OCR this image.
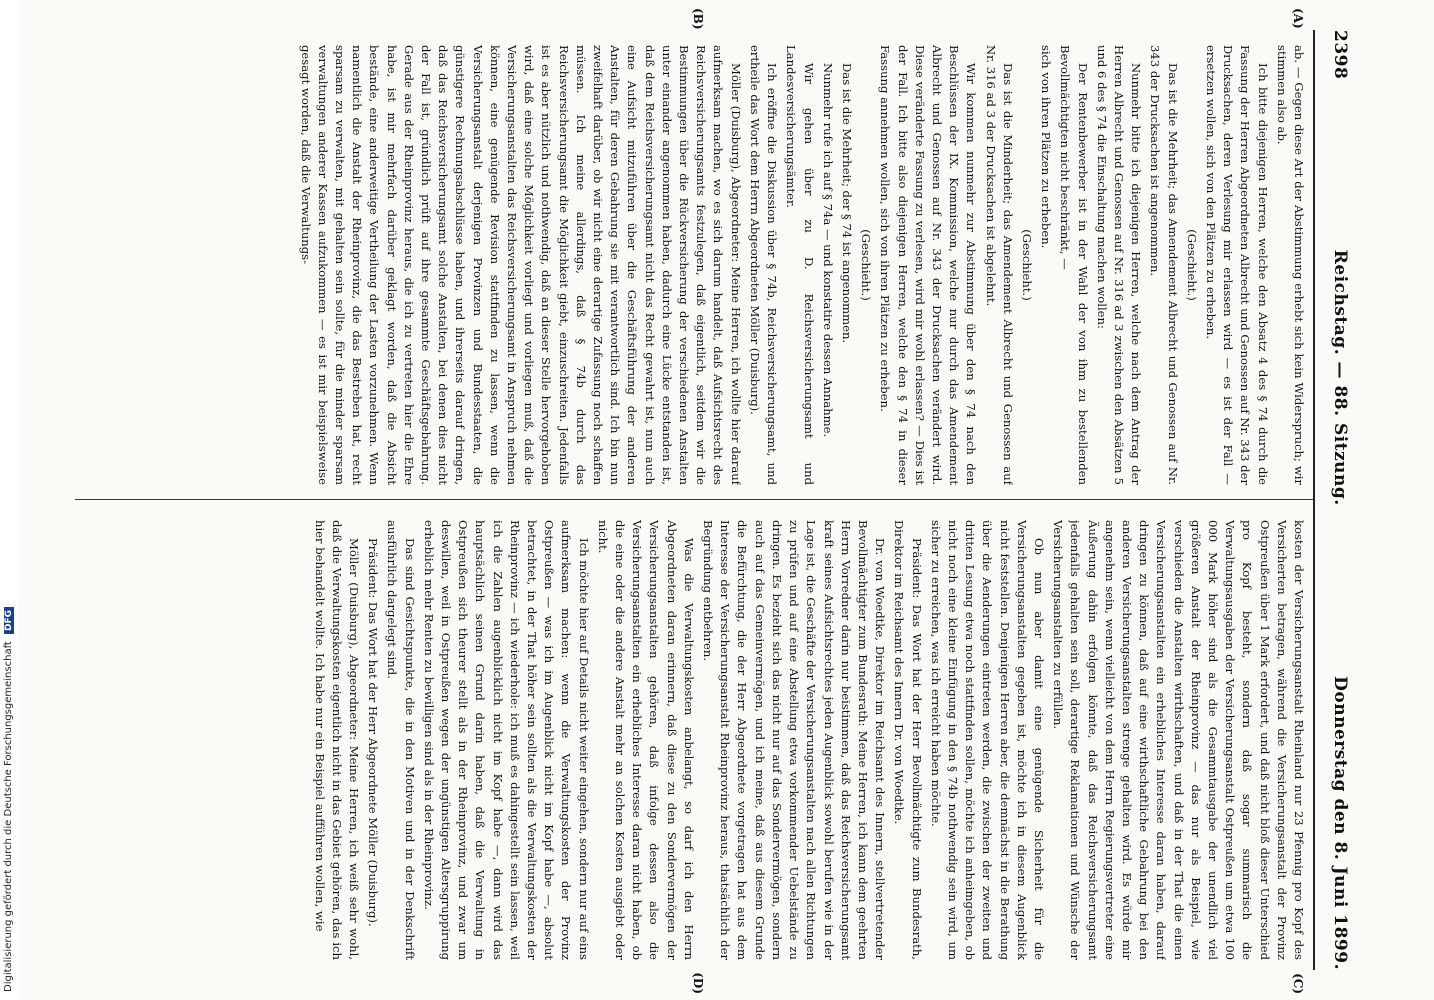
2398
Reichstag. — 88. Sitzung.
Donnerstag den 8. Juni 1899.
(A)
(B)
(C)
(D)

ab. — Gegen diese Art der Abstimmung erhebt sich kein Widerspruch; wir stimmen also ab.

Ich bitte diejenigen Herren, welche den Absatz 4 des § 74 durch die Fassung der Herren Abgeordneten Albrecht und Genossen auf Nr. 343 der Drucksachen, deren Verlesung mir erlassen wird — es ist der Fall — ersetzen wollen, sich von den Plätzen zu erheben.

(Geschieht.)

Das ist die Mehrheit; das Amendement Albrecht und Genossen auf Nr. 343 der Drucksachen ist angenommen.

Nunmehr bitte ich diejenigen Herren, welche nach dem Antrag der Herren Albrecht und Genossen auf Nr. 316 ad 3 zwischen den Absätzen 5 und 6 des § 74 die Einschaltung machen wollen:

Der Rentenbewerber ist in der Wahl der von ihm zu bestellenden Bevollmächtigten nicht beschränkt, —

sich von ihren Plätzen zu erheben.

(Geschieht.)

Das ist die Minderheit; das Amendement Albrecht und Genossen auf Nr. 316 ad 3 der Drucksachen ist abgelehnt.

Wir kommen nunmehr zur Abstimmung über den § 74 nach den Beschlüssen der IX. Kommission, welche nur durch das Amendement Albrecht und Genossen auf Nr. 343 der Drucksachen verändert wird. Diese veränderte Fassung zu verlesen, wird mir wohl erlassen? — Dies ist der Fall. Ich bitte also diejenigen Herren, welche den § 74 in dieser Fassung annehmen wollen, sich von ihren Plätzen zu erheben.

(Geschieht.)

Das ist die Mehrheit; der § 74 ist angenommen.

Nunmehr rufe ich auf § 74a — und konstatire dessen Annahme.

Wir gehen über zu D. Reichsversicherungsamt und Landesversicherungsämter.

Ich eröffne die Diskussion über § 74b, Reichsversicherungsamt, und ertheile das Wort dem Herrn Abgeordneten Möller (Duisburg).

Möller (Duisburg), Abgeordneter: Meine Herren, ich wollte hier darauf aufmerksam machen, wo es sich darum handelt, daß Aufsichtsrecht des Reichsversicherungsamts festzulegen, daß eigentlich, seitdem wir die Bestimmungen über die Rückversicherung der verschiedenen Anstalten unter einander angenommen haben, dadurch eine Lücke entstanden ist, daß dem Reichsversicherungsamt nicht das Recht gewahrt ist, nun auch eine Aufsicht mitzuführen über die Geschäftsführung der anderen Anstalten, für deren Gebahrung sie mit verantwortlich sind. Ich bin nun zweifelhaft darüber, ob wir nicht eine derartige Zufassung noch schaffen müssen. Ich meine allerdings, daß § 74b durch das Reichsversicherungsamt die Möglichkeit giebt, einzuschreiten. Jedenfalls ist es aber nützlich und nothwendig, daß an dieser Stelle hervorgehoben wird, daß eine solche Möglichkeit vorliegt und vorliegen muß, daß die Versicherungsanstalten das Reichsversicherungsamt in Anspruch nehmen können, eine genügende Revision stattfinden zu lassen, wenn die Versicherungsanstalt derjenigen Provinzen und Bundesstaaten, die günstigere Rechnungsabschlüsse haben, und ihrerseits darauf dringen, daß das Reichsversicherungsamt solche Anstalten, bei denen dies nicht der Fall ist, gründlich prüft auf ihre gesammte Geschäftsgebahrung. Gerade aus der Rheinprovinz heraus, die ich zu vertreten hier die Ehre habe, ist mir mehrfach darüber geklagt worden, daß die Absicht bestände, eine anderweitige Vertheilung der Lasten vorzunehmen. Wenn namentlich die Anstalt der Rheinprovinz, die das Bestreben hat, recht sparsam zu verwalten, mit gehalten sein sollte, für die minder sparsam verwaltungen anderer Kassen aufzukommen — es ist mir beispielsweise gesagt worden, daß die Verwaltungs-

kosten der Versicherungsanstalt Rheinland nur 23 Pfennig pro Kopf des Versicherten betragen, während die Versicherungsanstalt der Provinz Ostpreußen über 1 Mark erfordert, und daß nicht bloß dieser Unterschied pro Kopf besteht, sondern daß sogar summarisch die Verwaltungsausgaben der Versicherungsanstalt Ostpreußen um etwa 100 000 Mark höher sind als die Gesammtausgabe der unendlich viel größeren Anstalt der Rheinprovinz — das nur als Beispiel, wie verschieden die Anstalten wirthschaften, und daß in der That die einen Versicherungsanstalten ein erhebliches Interesse daran haben, darauf dringen zu können, daß auf eine wirthschaftliche Gebahrung bei den anderen Versicherungsanstalten strenge gehalten wird. Es würde mir angenehm sein, wenn vielleicht von dem Herrn Regierungsvertreter eine Äußerung dahin erfolgen könnte, daß das Reichsversicherungsamt jedenfalls gehalten sein soll, derartige Reklamationen und Wünsche der Versicherungsanstalten zu erfüllen.

Ob nun aber damit eine genügende Sicherheit für die Versicherungsanstalten gegeben ist, möchte ich in diesem Augenblick nicht feststellen. Denjenigen Herren aber, die demnächst in die Berathung über die Aenderungen eintreten werden, die zwischen der zweiten und dritten Lesung etwa noch stattfinden sollen, möchte ich anheimgeben, ob nicht noch eine kleine Einfügung in den § 74b nothwendig sein wird, um sicher zu erreichen, was ich erreicht haben möchte.

Präsident: Das Wort hat der Herr Bevollmächtigte zum Bundesrath, Direktor im Reichsamt des Innern Dr. von Woedtke.

Dr. von Woedtke, Direktor im Reichsamt des Innern, stellvertretender Bevollmächtigter zum Bundesrath: Meine Herren, ich kann dem geehrten Herrn Vorredner darin nur beistimmen, daß das Reichsversicherungsamt kraft seines Aufsichtsrechtes jeden Augenblick sowohl berufen wie in der Lage ist, die Geschäfte der Versicherungsanstalten nach allen Richtungen zu prüfen und auf eine Abstellung etwa vorkommender Uebelstände zu dringen. Es bezieht sich das nicht nur auf das Sondervermögen, sondern auch auf das Gemeinvermögen, und ich meine, daß aus diesem Grunde die Befürchtung, die der Herr Abgeordnete vorgetragen hat aus dem Interesse der Versicherungsanstalt Rheinprovinz heraus, thatsächlich der Begründung entbehren.

Was die Verwaltungskosten anbelangt, so darf ich den Herrn Abgeordneten daran erinnern, daß diese zu den Sondervermögen der Versicherungsanstalten gehören, daß infolge dessen also die Versicherungsanstalten ein erhebliches Interesse daran nicht haben, ob die eine oder die andere Anstalt mehr an solchen Kosten ausgiebt oder nicht.

Ich möchte hier auf Details nicht weiter eingehen, sondern nur auf eins aufmerksam machen: wenn die Verwaltungskosten der Provinz Ostpreußen — was ich im Augenblick nicht im Kopf habe —, absolut betrachtet, in der That höher sein sollten als die Verwaltungskosten der Rheinprovinz — ich wiederhole: ich muß es dahingestellt sein lassen, weil ich die Zahlen augenblicklich nicht im Kopf habe —, dann wird das hauptsächlich seinen Grund darin haben, daß die Verwaltung in Ostpreußen sich theurer stellt als in der Rheinprovinz, und zwar um deswillen, weil in Ostpreußen wegen der ungünstigen Altersgruppirung erheblich mehr Renten zu bewilligen sind als in der Rheinprovinz.

Das sind Gesichtspunkte, die in den Motiven und in der Denkschrift ausführlich dargelegt sind.

Präsident: Das Wort hat der Herr Abgeordnete Möller (Duisburg).

Möller (Duisburg), Abgeordneter: Meine Herren, ich weiß sehr wohl, daß die Verwaltungskosten eigentlich nicht in das Gebiet gehören, das ich hier behandelt wollte. Ich habe nur ein Beispiel aufführen wollen, wie

Digitalisierung gefördert durch die Deutsche Forschungsgemeinschaft DFG
